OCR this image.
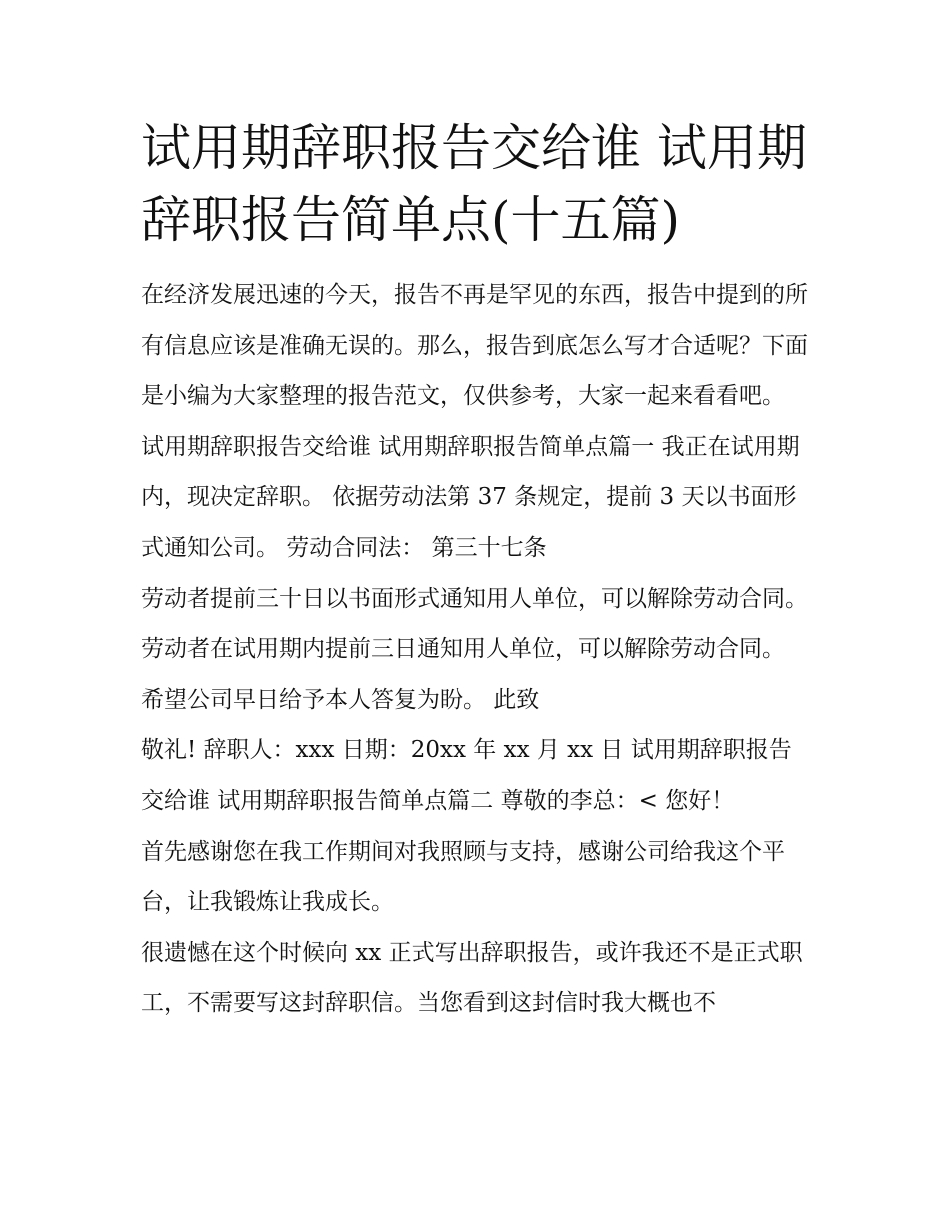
试用期辞职报告交给谁 试用期辞职报告简单点(十五篇)

在经济发展迅速的今天，报告不再是罕见的东西，报告中提到的所有信息应该是准确无误的。那么，报告到底怎么写才合适呢？下面是小编为大家整理的报告范文，仅供参考，大家一起来看看吧。

试用期辞职报告交给谁 试用期辞职报告简单点篇一 我正在试用期内，现决定辞职。 依据劳动法第 37 条规定，提前 3 天以书面形式通知公司。 劳动合同法： 第三十七条

劳动者提前三十日以书面形式通知用人单位，可以解除劳动合同。劳动者在试用期内提前三日通知用人单位，可以解除劳动合同。 希望公司早日给予本人答复为盼。 此致

敬礼! 辞职人：xxx 日期：20xx 年 xx 月 xx 日 试用期辞职报告交给谁 试用期辞职报告简单点篇二 尊敬的李总：< 您好！

首先感谢您在我工作期间对我照顾与支持，感谢公司给我这个平台，让我锻炼让我成长。

很遗憾在这个时候向 xx 正式写出辞职报告，或许我还不是正式职工，不需要写这封辞职信。当您看到这封信时我大概也不
